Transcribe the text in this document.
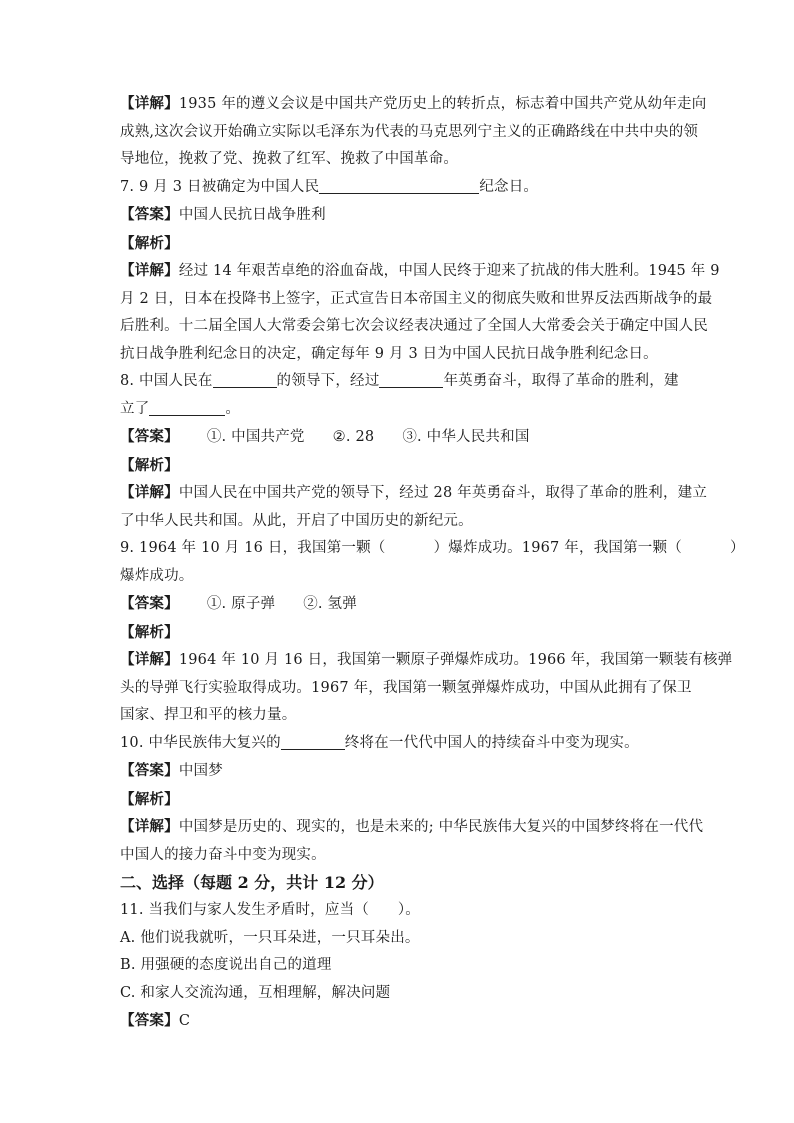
【详解】1935 年的遵义会议是中国共产党历史上的转折点，标志着中国共产党从幼年走向
成熟,这次会议开始确立实际以毛泽东为代表的马克思列宁主义的正确路线在中共中央的领
导地位，挽救了党、挽救了红军、挽救了中国革命。
7. 9 月 3 日被确定为中国人民	纪念日。
【答案】中国人民抗日战争胜利
【解析】
【详解】经过 14 年艰苦卓绝的浴血奋战，中国人民终于迎来了抗战的伟大胜利。1945 年 9
月 2 日，日本在投降书上签字，正式宣告日本帝国主义的彻底失败和世界反法西斯战争的最
后胜利。十二届全国人大常委会第七次会议经表决通过了全国人大常委会关于确定中国人民
抗日战争胜利纪念日的决定，确定每年 9 月 3 日为中国人民抗日战争胜利纪念日。
8. 中国人民在	的领导下，经过	年英勇奋斗，取得了革命的胜利，建
立了	。
【答案】 ①. 中国共产党 ②. 28 ③. 中华人民共和国
【解析】
【详解】中国人民在中国共产党的领导下，经过 28 年英勇奋斗，取得了革命的胜利，建立
了中华人民共和国。从此，开启了中国历史的新纪元。
9. 1964 年 10 月 16 日，我国第一颗（          ）爆炸成功。1967 年，我国第一颗（          ）
爆炸成功。
【答案】 ①. 原子弹 ②. 氢弹
【解析】
【详解】1964 年 10 月 16 日，我国第一颗原子弹爆炸成功。1966 年，我国第一颗装有核弹
头的导弹飞行实验取得成功。1967 年，我国第一颗氢弹爆炸成功，中国从此拥有了保卫
国家、捍卫和平的核力量。
10. 中华民族伟大复兴的	终将在一代代中国人的持续奋斗中变为现实。
【答案】中国梦
【解析】
【详解】中国梦是历史的、现实的，也是未来的; 中华民族伟大复兴的中国梦终将在一代代
中国人的接力奋斗中变为现实。
二、选择（每题 2 分，共计 12 分）
11. 当我们与家人发生矛盾时，应当（      ）。
A. 他们说我就听，一只耳朵进，一只耳朵出。
B. 用强硬的态度说出自己的道理
C. 和家人交流沟通，互相理解，解决问题
【答案】C
